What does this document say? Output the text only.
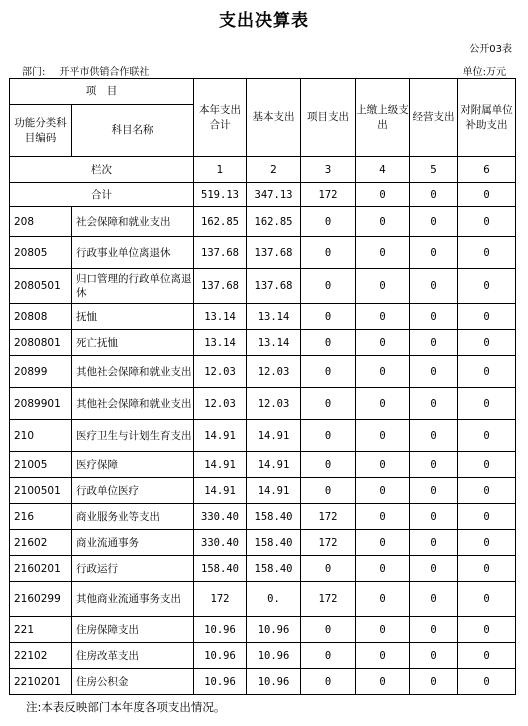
支出决算表
公开03表
部门: 开平市供销合作联社	单位:万元
项　目		本年支出合计	基本支出	项目支出	上缴上级支出	经营支出	对附属单位补助支出
功能分类科目编码	科目名称						
栏次		1	2	3	4	5	6
合计		519.13	347.13	172	0	0	0
208	社会保障和就业支出	162.85	162.85	0	0	0	0
20805	行政事业单位离退休	137.68	137.68	0	0	0	0
2080501	归口管理的行政单位离退休	137.68	137.68	0	0	0	0
20808	抚恤	13.14	13.14	0	0	0	0
2080801	死亡抚恤	13.14	13.14	0	0	0	0
20899	其他社会保障和就业支出	12.03	12.03	0	0	0	0
2089901	其他社会保障和就业支出	12.03	12.03	0	0	0	0
210	医疗卫生与计划生育支出	14.91	14.91	0	0	0	0
21005	医疗保障	14.91	14.91	0	0	0	0
2100501	行政单位医疗	14.91	14.91	0	0	0	0
216	商业服务业等支出	330.40	158.40	172	0	0	0
21602	商业流通事务	330.40	158.40	172	0	0	0
2160201	行政运行	158.40	158.40	0	0	0	0
2160299	其他商业流通事务支出	172	0.	172	0	0	0
221	住房保障支出	10.96	10.96	0	0	0	0
22102	住房改革支出	10.96	10.96	0	0	0	0
2210201	住房公积金	10.96	10.96	0	0	0	0
注:本表反映部门本年度各项支出情况。
